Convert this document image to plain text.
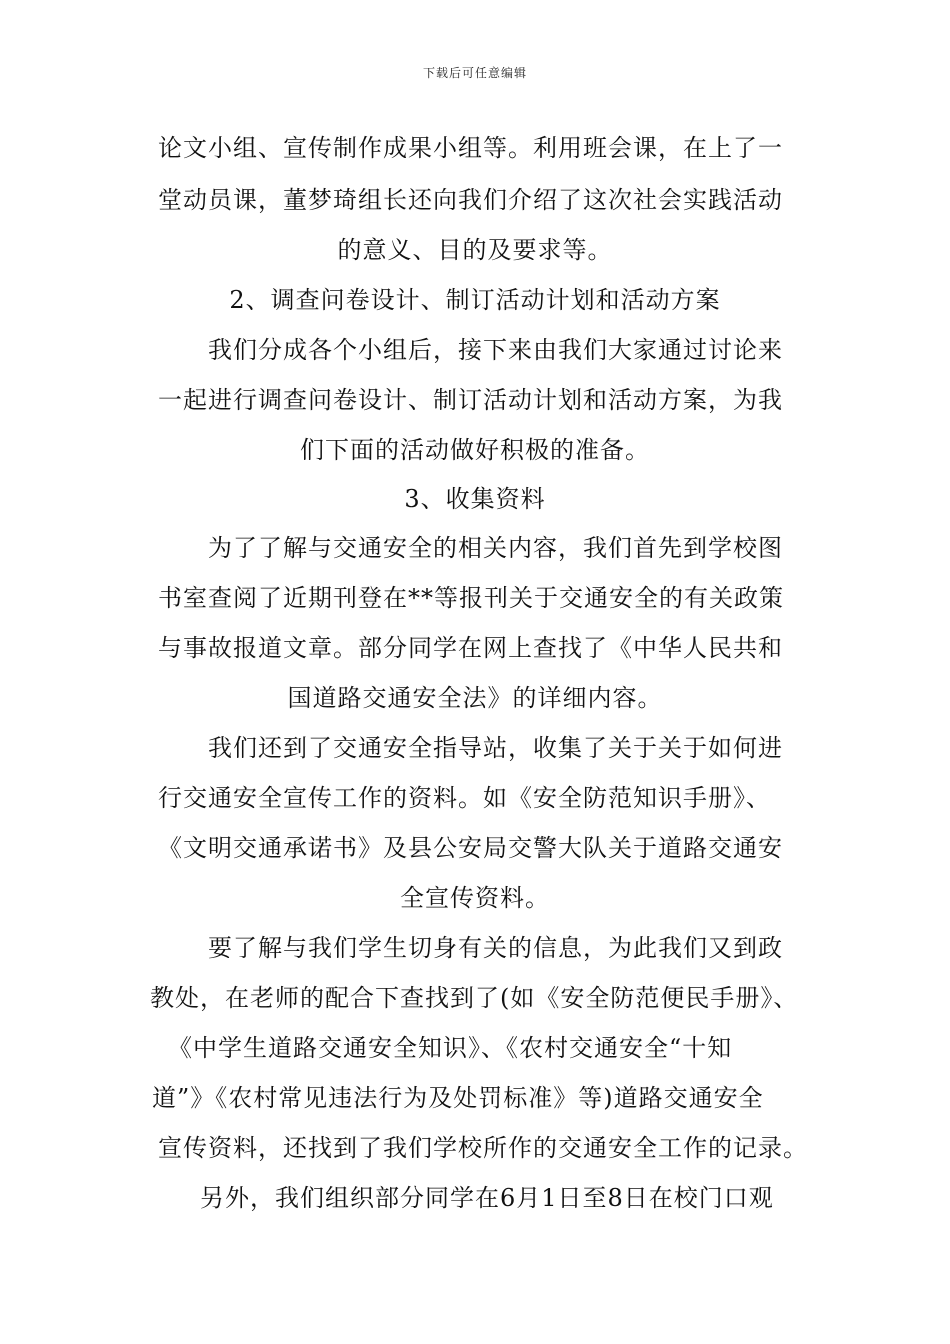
下载后可任意编辑
论文小组、宣传制作成果小组等。利用班会课，在上了一
堂动员课，董梦琦组长还向我们介绍了这次社会实践活动
的意义、目的及要求等。
2、调查问卷设计、制订活动计划和活动方案
我们分成各个小组后，接下来由我们大家通过讨论来
一起进行调查问卷设计、制订活动计划和活动方案，为我
们下面的活动做好积极的准备。
3、收集资料
为了了解与交通安全的相关内容，我们首先到学校图
书室查阅了近期刊登在**等报刊关于交通安全的有关政策
与事故报道文章。部分同学在网上查找了《中华人民共和
国道路交通安全法》的详细内容。
我们还到了交通安全指导站，收集了关于关于如何进
行交通安全宣传工作的资料。如《安全防范知识手册》、
《文明交通承诺书》及县公安局交警大队关于道路交通安
全宣传资料。
要了解与我们学生切身有关的信息，为此我们又到政
教处，在老师的配合下查找到了(如《安全防范便民手册》、
《中学生道路交通安全知识》、《农村交通安全“十知
道”》《农村常见违法行为及处罚标准》等)道路交通安全
宣传资料，还找到了我们学校所作的交通安全工作的记录。
另外，我们组织部分同学在6月1日至8日在校门口观
